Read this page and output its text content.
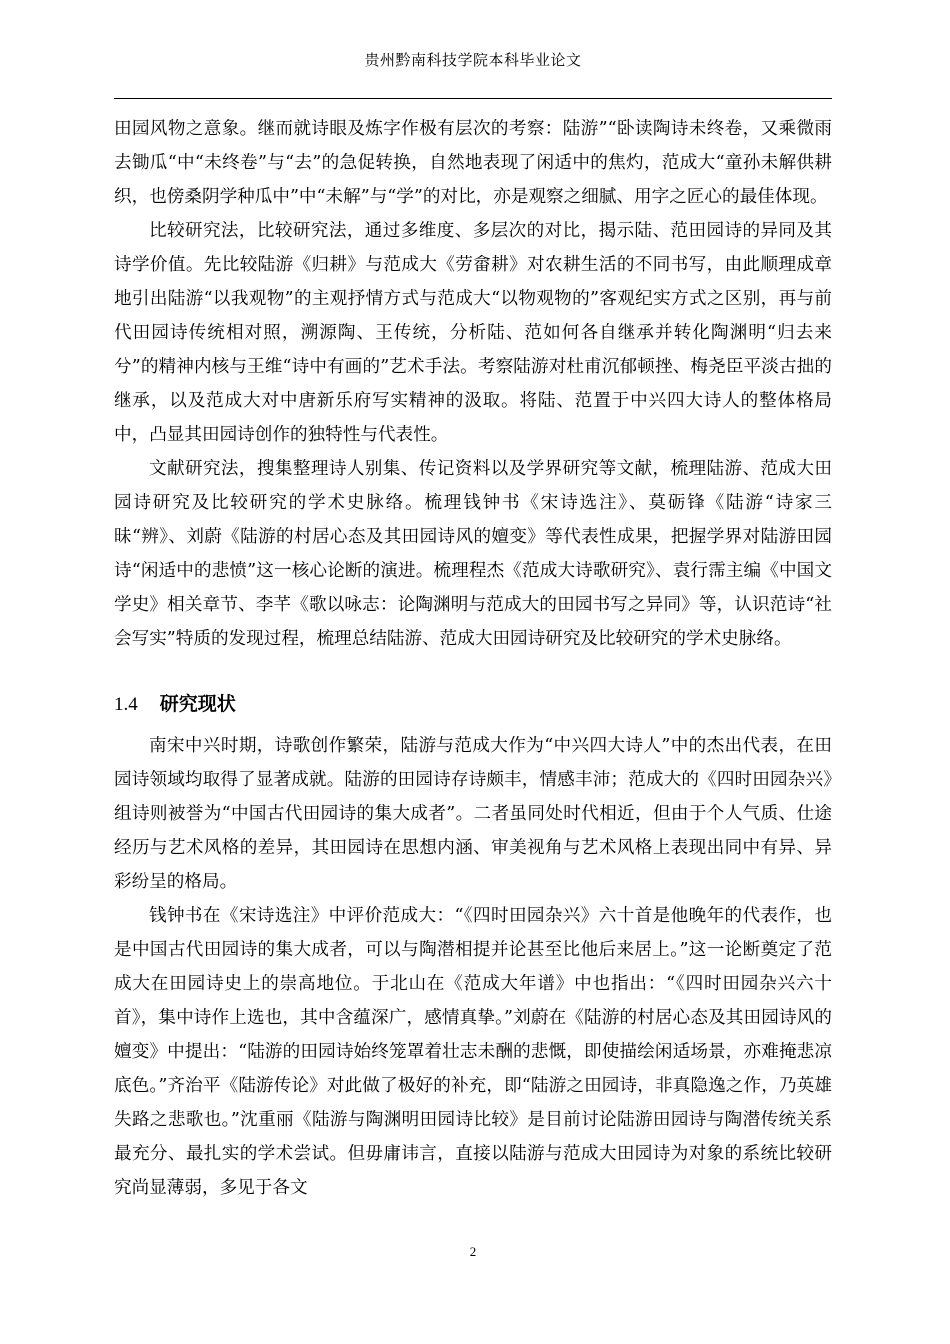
贵州黔南科技学院本科毕业论文

田园风物之意象。继而就诗眼及炼字作极有层次的考察：陆游”“卧读陶诗未终卷，又乘微雨去锄瓜“中“未终卷”与“去”的急促转换，自然地表现了闲适中的焦灼，范成大“童孙未解供耕织，也傍桑阴学种瓜中”中“未解”与“学”的对比，亦是观察之细腻、用字之匠心的最佳体现。

比较研究法，比较研究法，通过多维度、多层次的对比，揭示陆、范田园诗的异同及其诗学价值。先比较陆游《归耕》与范成大《劳畲耕》对农耕生活的不同书写，由此顺理成章地引出陆游“以我观物”的主观抒情方式与范成大“以物观物的”客观纪实方式之区别，再与前代田园诗传统相对照，溯源陶、王传统，分析陆、范如何各自继承并转化陶渊明“归去来兮”的精神内核与王维“诗中有画的”艺术手法。考察陆游对杜甫沉郁顿挫、梅尧臣平淡古拙的继承，以及范成大对中唐新乐府写实精神的汲取。将陆、范置于中兴四大诗人的整体格局中，凸显其田园诗创作的独特性与代表性。

文献研究法，搜集整理诗人别集、传记资料以及学界研究等文献，梳理陆游、范成大田园诗研究及比较研究的学术史脉络。梳理钱钟书《宋诗选注》、莫砺锋《陆游“诗家三昧“辨》、刘蔚《陆游的村居心态及其田园诗风的嬗变》等代表性成果，把握学界对陆游田园诗“闲适中的悲愤”这一核心论断的演进。梳理程杰《范成大诗歌研究》、袁行霈主编《中国文学史》相关章节、李芊《歌以咏志：论陶渊明与范成大的田园书写之异同》等，认识范诗“社会写实”特质的发现过程，梳理总结陆游、范成大田园诗研究及比较研究的学术史脉络。

1.4 研究现状

南宋中兴时期，诗歌创作繁荣，陆游与范成大作为“中兴四大诗人”中的杰出代表，在田园诗领域均取得了显著成就。陆游的田园诗存诗颇丰，情感丰沛；范成大的《四时田园杂兴》组诗则被誉为“中国古代田园诗的集大成者”。二者虽同处时代相近，但由于个人气质、仕途经历与艺术风格的差异，其田园诗在思想内涵、审美视角与艺术风格上表现出同中有异、异彩纷呈的格局。

钱钟书在《宋诗选注》中评价范成大：“《四时田园杂兴》六十首是他晚年的代表作，也是中国古代田园诗的集大成者，可以与陶潜相提并论甚至比他后来居上。”这一论断奠定了范成大在田园诗史上的崇高地位。于北山在《范成大年谱》中也指出：“《四时田园杂兴六十首》，集中诗作上选也，其中含蕴深广，感情真挚。”刘蔚在《陆游的村居心态及其田园诗风的嬗变》中提出：“陆游的田园诗始终笼罩着壮志未酬的悲慨，即使描绘闲适场景，亦难掩悲凉底色。”齐治平《陆游传论》对此做了极好的补充，即“陆游之田园诗，非真隐逸之作，乃英雄失路之悲歌也。”沈重丽《陆游与陶渊明田园诗比较》是目前讨论陆游田园诗与陶潜传统关系最充分、最扎实的学术尝试。但毋庸讳言，直接以陆游与范成大田园诗为对象的系统比较研究尚显薄弱，多见于各文

2
